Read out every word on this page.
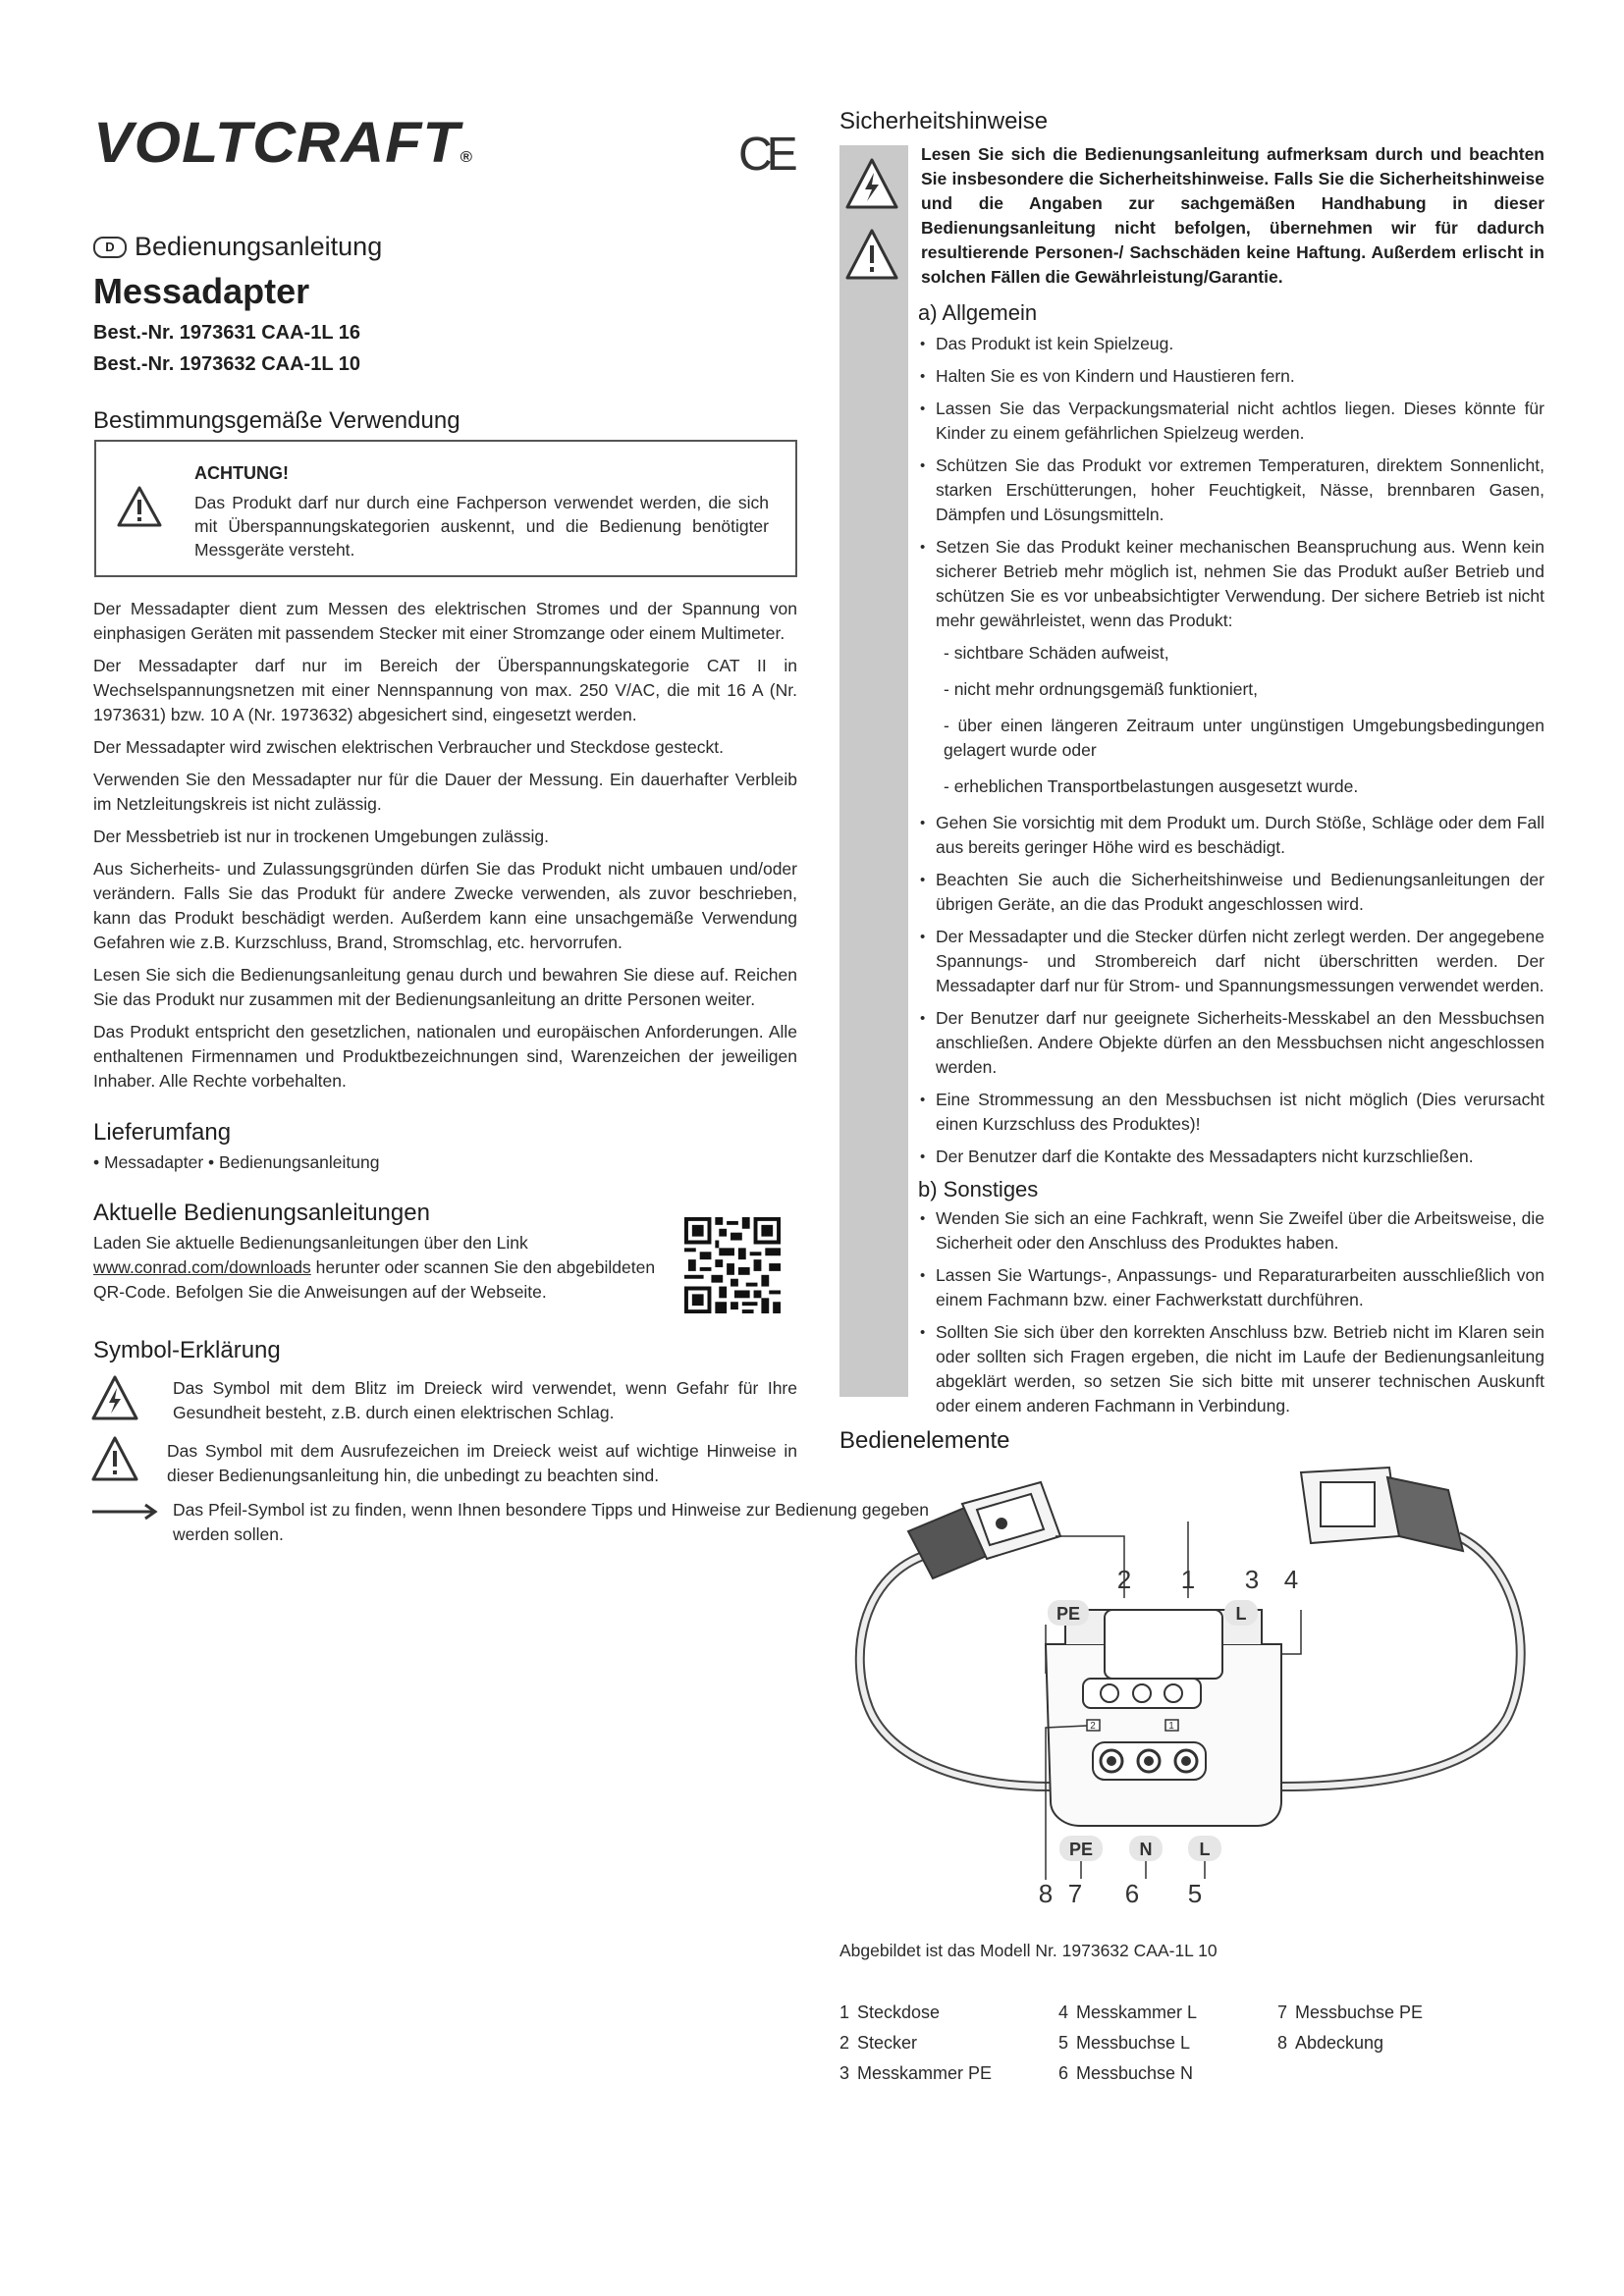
VOLTCRAFT®	CE
D Bedienungsanleitung
Messadapter
Best.-Nr. 1973631 CAA-1L 16
Best.-Nr. 1973632 CAA-1L 10
Bestimmungsgemäße Verwendung
ACHTUNG!
Das Produkt darf nur durch eine Fachperson verwendet werden, die sich mit Überspannungskategorien auskennt, und die Bedienung benötigter Messgeräte versteht.

Der Messadapter dient zum Messen des elektrischen Stromes und der Spannung von einphasigen Geräten mit passendem Stecker mit einer Stromzange oder einem Multimeter.

Der Messadapter darf nur im Bereich der Überspannungskategorie CAT II in Wechselspannungsnetzen mit einer Nennspannung von max. 250 V/AC, die mit 16 A (Nr. 1973631) bzw. 10 A (Nr. 1973632) abgesichert sind, eingesetzt werden.

Der Messadapter wird zwischen elektrischen Verbraucher und Steckdose gesteckt.

Verwenden Sie den Messadapter nur für die Dauer der Messung. Ein dauerhafter Verbleib im Netzleitungskreis ist nicht zulässig.

Der Messbetrieb ist nur in trockenen Umgebungen zulässig.

Aus Sicherheits- und Zulassungsgründen dürfen Sie das Produkt nicht umbauen und/oder verändern. Falls Sie das Produkt für andere Zwecke verwenden, als zuvor beschrieben, kann das Produkt beschädigt werden. Außerdem kann eine unsachgemäße Verwendung Gefahren wie z.B. Kurzschluss, Brand, Stromschlag, etc. hervorrufen.

Lesen Sie sich die Bedienungsanleitung genau durch und bewahren Sie diese auf. Reichen Sie das Produkt nur zusammen mit der Bedienungsanleitung an dritte Personen weiter.

Das Produkt entspricht den gesetzlichen, nationalen und europäischen Anforderungen. Alle enthaltenen Firmennamen und Produktbezeichnungen sind, Warenzeichen der jeweiligen Inhaber. Alle Rechte vorbehalten.

Lieferumfang
• Messadapter • Bedienungsanleitung
Aktuelle Bedienungsanleitungen
Laden Sie aktuelle Bedienungsanleitungen über den Link www.conrad.com/downloads herunter oder scannen Sie den abgebildeten QR-Code. Befolgen Sie die Anweisungen auf der Webseite.
Symbol-Erklärung
Das Symbol mit dem Blitz im Dreieck wird verwendet, wenn Gefahr für Ihre Gesundheit besteht, z.B. durch einen elektrischen Schlag.
Das Symbol mit dem Ausrufezeichen im Dreieck weist auf wichtige Hinweise in dieser Bedienungsanleitung hin, die unbedingt zu beachten sind.
Das Pfeil-Symbol ist zu finden, wenn Ihnen besondere Tipps und Hinweise zur Bedienung gegeben werden sollen.
Sicherheitshinweise
Lesen Sie sich die Bedienungsanleitung aufmerksam durch und beachten Sie insbesondere die Sicherheitshinweise. Falls Sie die Sicherheitshinweise und die Angaben zur sachgemäßen Handhabung in dieser Bedienungsanleitung nicht befolgen, übernehmen wir für dadurch resultierende Personen-/ Sachschäden keine Haftung. Außerdem erlischt in solchen Fällen die Gewährleistung/Garantie.
a) Allgemein
• Das Produkt ist kein Spielzeug.
• Halten Sie es von Kindern und Haustieren fern.
• Lassen Sie das Verpackungsmaterial nicht achtlos liegen. Dieses könnte für Kinder zu einem gefährlichen Spielzeug werden.
• Schützen Sie das Produkt vor extremen Temperaturen, direktem Sonnenlicht, starken Erschütterungen, hoher Feuchtigkeit, Nässe, brennbaren Gasen, Dämpfen und Lösungsmitteln.
• Setzen Sie das Produkt keiner mechanischen Beanspruchung aus. Wenn kein sicherer Betrieb mehr möglich ist, nehmen Sie das Produkt außer Betrieb und schützen Sie es vor unbeabsichtigter Verwendung. Der sichere Betrieb ist nicht mehr gewährleistet, wenn das Produkt:
- sichtbare Schäden aufweist,
- nicht mehr ordnungsgemäß funktioniert,
- über einen längeren Zeitraum unter ungünstigen Umgebungsbedingungen gelagert wurde oder
- erheblichen Transportbelastungen ausgesetzt wurde.
• Gehen Sie vorsichtig mit dem Produkt um. Durch Stöße, Schläge oder dem Fall aus bereits geringer Höhe wird es beschädigt.
• Beachten Sie auch die Sicherheitshinweise und Bedienungsanleitungen der übrigen Geräte, an die das Produkt angeschlossen wird.
• Der Messadapter und die Stecker dürfen nicht zerlegt werden. Der angegebene Spannungs- und Strombereich darf nicht überschritten werden. Der Messadapter darf nur für Strom- und Spannungsmessungen verwendet werden.
• Der Benutzer darf nur geeignete Sicherheits-Messkabel an den Messbuchsen anschließen. Andere Objekte dürfen an den Messbuchsen nicht angeschlossen werden.
• Eine Strommessung an den Messbuchsen ist nicht möglich (Dies verursacht einen Kurzschluss des Produktes)!
• Der Benutzer darf die Kontakte des Messadapters nicht kurzschließen.
b) Sonstiges
• Wenden Sie sich an eine Fachkraft, wenn Sie Zweifel über die Arbeitsweise, die Sicherheit oder den Anschluss des Produktes haben.
• Lassen Sie Wartungs-, Anpassungs- und Reparaturarbeiten ausschließlich von einem Fachmann bzw. einer Fachwerkstatt durchführen.
• Sollten Sie sich über den korrekten Anschluss bzw. Betrieb nicht im Klaren sein oder sollten sich Fragen ergeben, die nicht im Laufe der Bedienungsanleitung abgeklärt werden, so setzen Sie sich bitte mit unserer technischen Auskunft oder einem anderen Fachmann in Verbindung.
Bedienelemente
PE	L
2	1
2 1 3 4
PE	N	L
8 7 6 5
Abgebildet ist das Modell Nr. 1973632 CAA-1L 10
1	Steckdose	4	Messkammer L	7	Messbuchse PE
2	Stecker	5	Messbuchse L	8	Abdeckung
3	Messkammer PE	6	Messbuchse N		
